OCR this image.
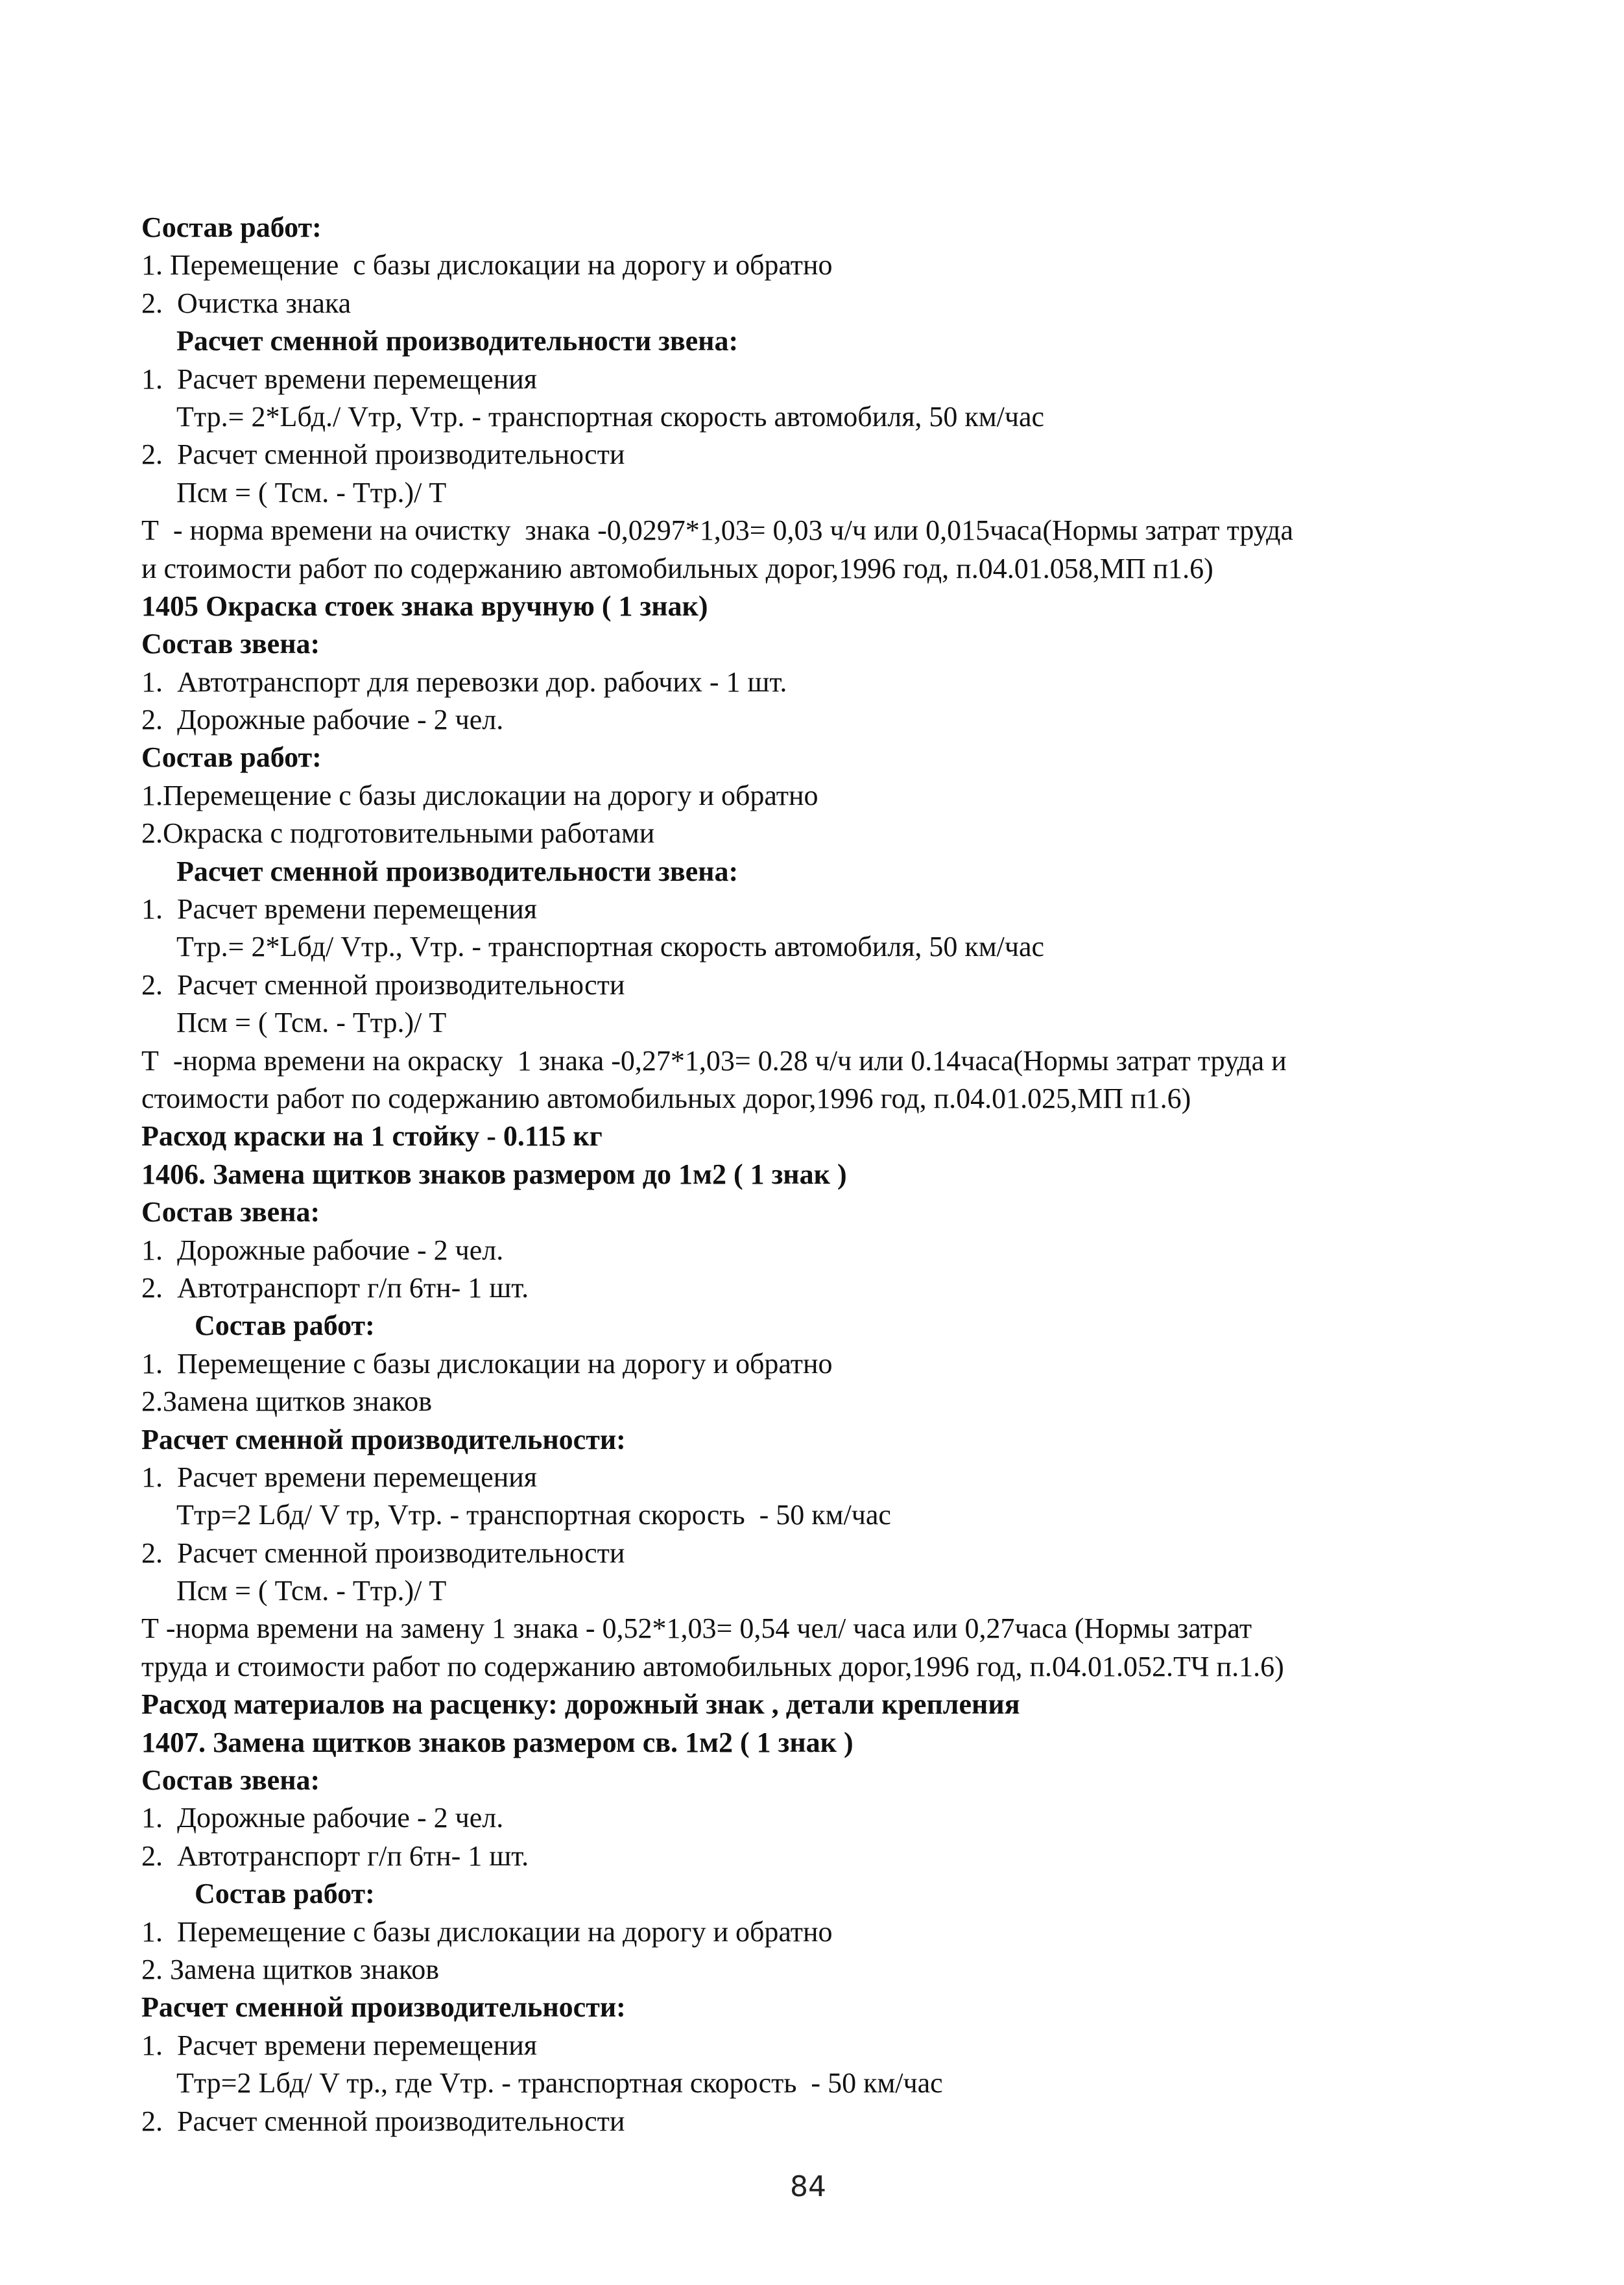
Состав работ:
1. Перемещение  с базы дислокации на дорогу и обратно
2.  Очистка знака
Расчет сменной производительности звена:
1.  Расчет времени перемещения
Ттр.= 2*Lбд./ Vтр, Vтр. - транспортная скорость автомобиля, 50 км/час
2.  Расчет сменной производительности
Псм = ( Тсм. - Ттр.)/ Т
Т  - норма времени на очистку  знака -0,0297*1,03= 0,03 ч/ч или 0,015часа(Нормы затрат труда
и стоимости работ по содержанию автомобильных дорог,1996 год, п.04.01.058,МП п1.6)
1405 Окраска стоек знака вручную ( 1 знак)
Состав звена:
1.  Автотранспорт для перевозки дор. рабочих - 1 шт.
2.  Дорожные рабочие - 2 чел.
Состав работ:
1.Перемещение с базы дислокации на дорогу и обратно
2.Окраска с подготовительными работами
Расчет сменной производительности звена:
1.  Расчет времени перемещения
Ттр.= 2*Lбд/ Vтр., Vтр. - транспортная скорость автомобиля, 50 км/час
2.  Расчет сменной производительности
Псм = ( Тсм. - Ттр.)/ Т
Т  -норма времени на окраску  1 знака -0,27*1,03= 0.28 ч/ч или 0.14часа(Нормы затрат труда и
стоимости работ по содержанию автомобильных дорог,1996 год, п.04.01.025,МП п1.6)
Расход краски на 1 стойку - 0.115 кг
1406. Замена щитков знаков размером до 1м2 ( 1 знак )
Состав звена:
1.  Дорожные рабочие - 2 чел.
2.  Автотранспорт г/п 6тн- 1 шт.
Состав работ:
1.  Перемещение с базы дислокации на дорогу и обратно
2.Замена щитков знаков
Расчет сменной производительности:
1.  Расчет времени перемещения
Ттр=2 Lбд/ V тр, Vтр. - транспортная скорость  - 50 км/час
2.  Расчет сменной производительности
Псм = ( Тсм. - Ттр.)/ Т
Т -норма времени на замену 1 знака - 0,52*1,03= 0,54 чел/ часа или 0,27часа (Нормы затрат
труда и стоимости работ по содержанию автомобильных дорог,1996 год, п.04.01.052.ТЧ п.1.6)
Расход материалов на расценку: дорожный знак , детали крепления
1407. Замена щитков знаков размером св. 1м2 ( 1 знак )
Состав звена:
1.  Дорожные рабочие - 2 чел.
2.  Автотранспорт г/п 6тн- 1 шт.
Состав работ:
1.  Перемещение с базы дислокации на дорогу и обратно
2. Замена щитков знаков
Расчет сменной производительности:
1.  Расчет времени перемещения
Ттр=2 Lбд/ V тр., где Vтр. - транспортная скорость  - 50 км/час
2.  Расчет сменной производительности
84
